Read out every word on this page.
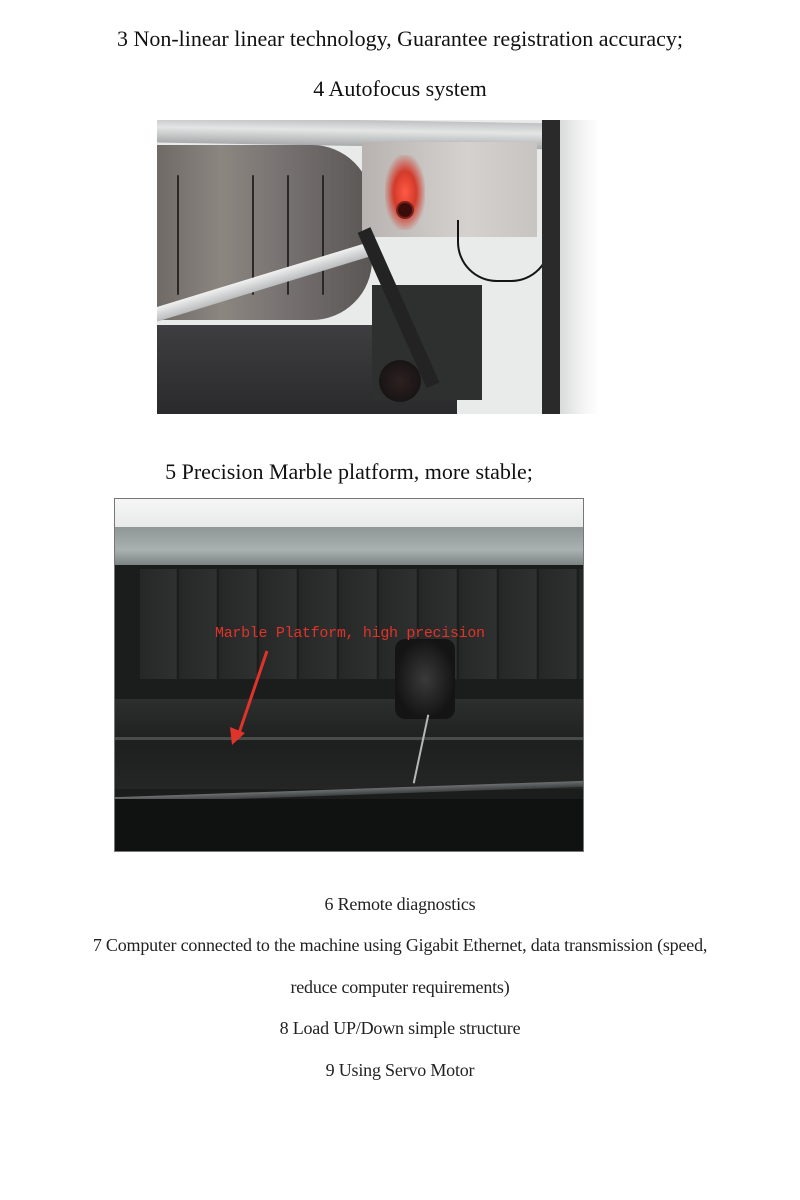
3 Non-linear linear technology, Guarantee registration accuracy;
4 Autofocus system
5 Precision Marble platform, more stable;
Marble Platform, high precision
6 Remote diagnostics
7 Computer connected to the machine using Gigabit Ethernet, data transmission (speed,
reduce computer requirements)
8 Load UP/Down simple structure
9 Using Servo Motor
